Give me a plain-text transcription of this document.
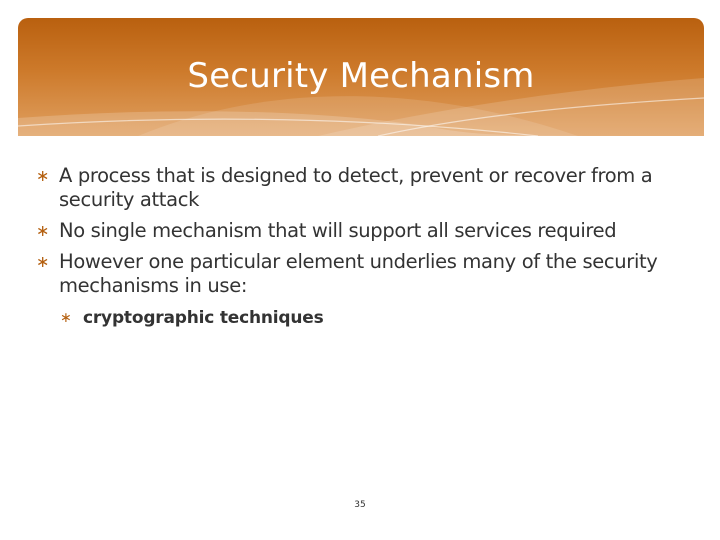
Security Mechanism
∗ A process that is designed to detect, prevent or recover from a security attack
∗ No single mechanism that will support all services required
∗ However one particular element underlies many of the security mechanisms in use:
∗ cryptographic techniques
35
